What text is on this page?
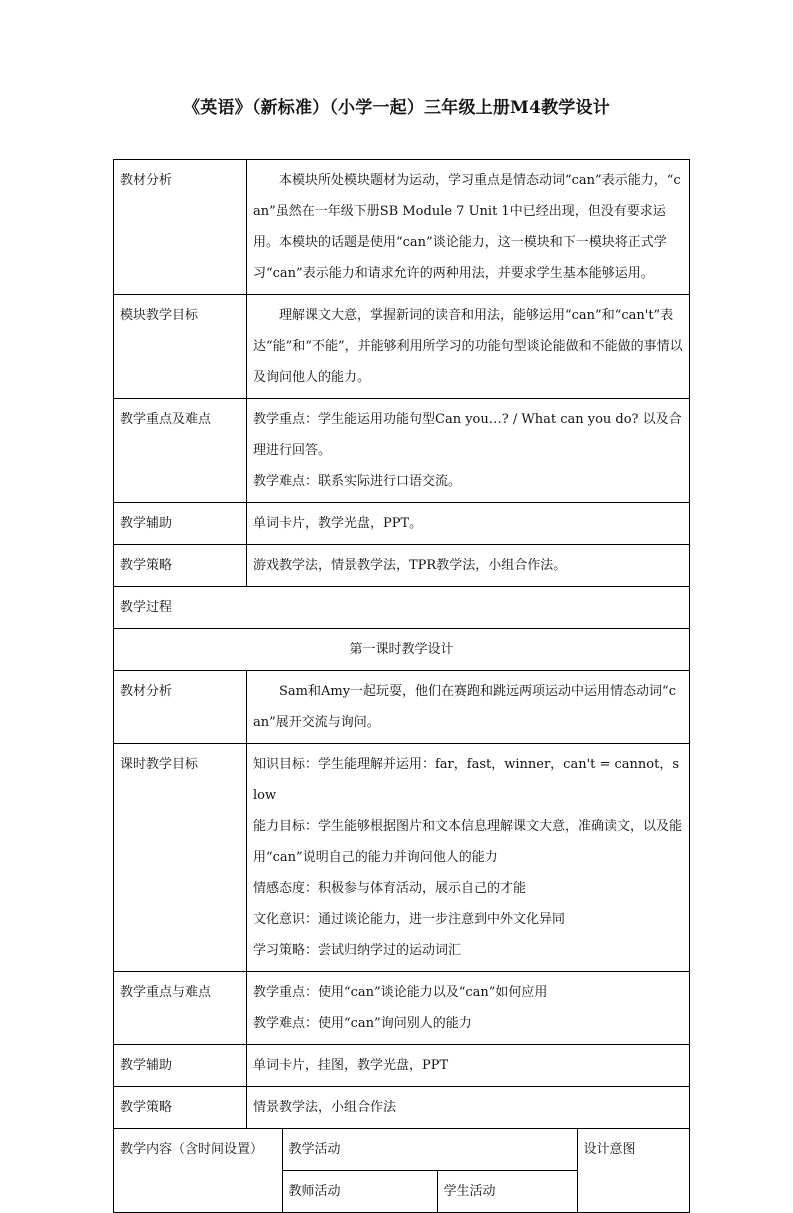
《英语》（新标准）（小学一起）三年级上册M4教学设计
教材分析	本模块所处模块题材为运动，学习重点是情态动词“can”表示能力，“can”虽然在一年级下册SB Module 7 Unit 1中已经出现，但没有要求运用。本模块的话题是使用“can”谈论能力，这一模块和下一模块将正式学习“can”表示能力和请求允许的两种用法，并要求学生基本能够运用。

模块教学目标	理解课文大意，掌握新词的读音和用法，能够运用“can”和“can't”表达“能”和“不能”，并能够利用所学习的功能句型谈论能做和不能做的事情以及询问他人的能力。

教学重点及难点	教学重点：学生能运用功能句型Can you…? / What can you do? 以及合理进行回答。
教学难点：联系实际进行口语交流。

教学辅助	单词卡片，教学光盘，PPT。
教学策略	游戏教学法，情景教学法，TPR教学法，小组合作法。
教学过程
第一课时教学设计
教材分析	Sam和Amy一起玩耍，他们在赛跑和跳远两项运动中运用情态动词“can”展开交流与询问。

课时教学目标	知识目标：学生能理解并运用：far，fast，winner，can't = cannot，slow
能力目标：学生能够根据图片和文本信息理解课文大意，准确读文，以及能用“can”说明自己的能力并询问他人的能力
情感态度：积极参与体育活动，展示自己的才能
文化意识：通过谈论能力，进一步注意到中外文化异同
学习策略：尝试归纳学过的运动词汇

教学重点与难点	教学重点：使用“can”谈论能力以及“can”如何应用
教学难点：使用“can”询问别人的能力

教学辅助	单词卡片，挂图，教学光盘，PPT
教学策略	情景教学法，小组合作法

教学内容（含时间设置）	教学活动	设计意图
教师活动	学生活动
